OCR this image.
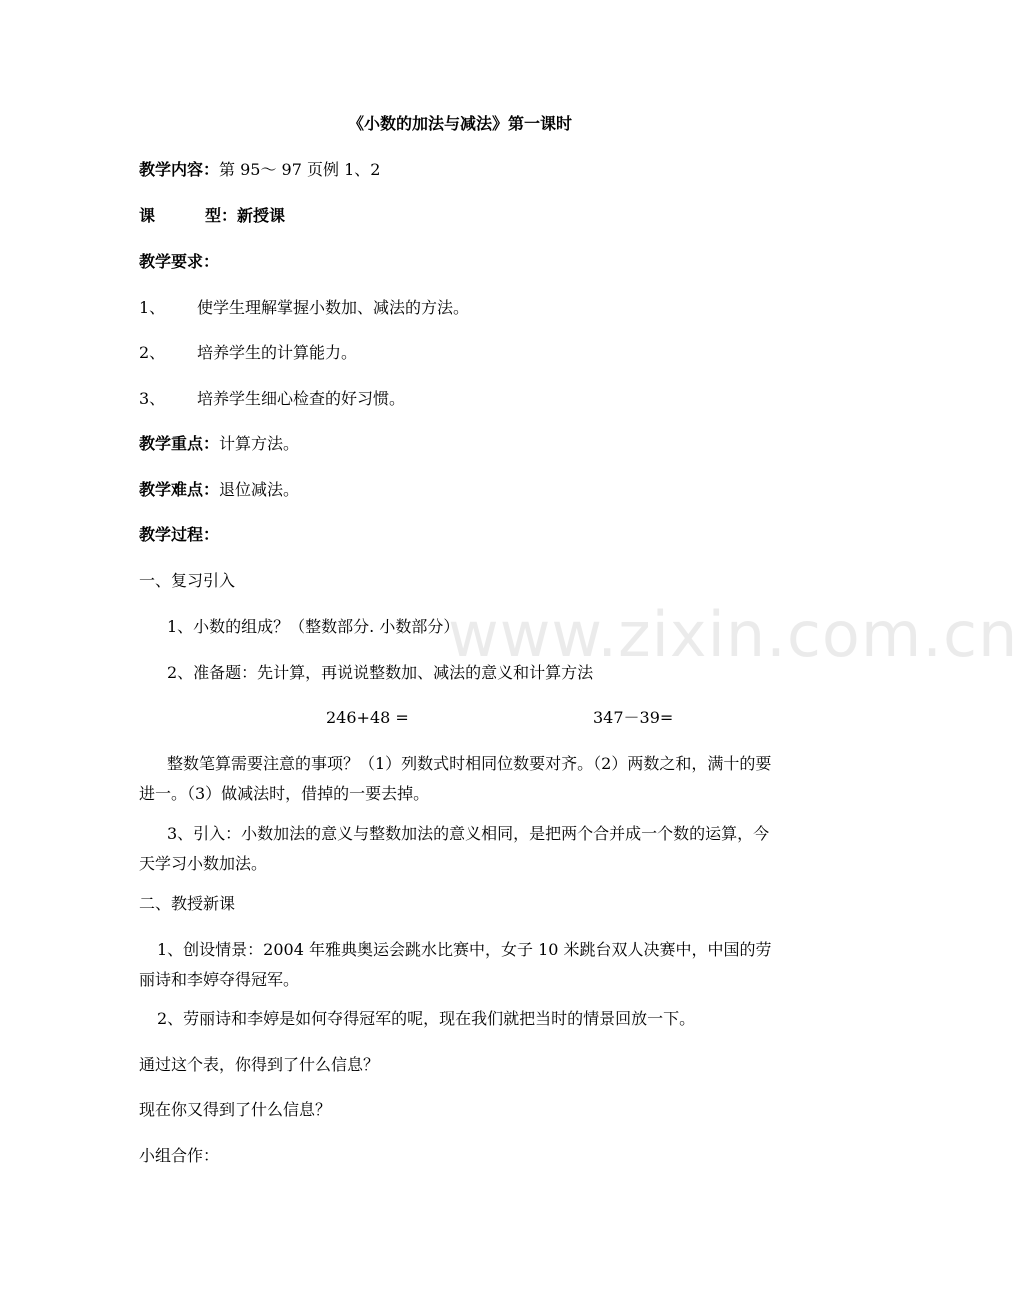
《小数的加法与减法》第一课时
教学内容：第 95～ 97 页例 1、2
课	型：新授课
教学要求：
1、 使学生理解掌握小数加、减法的方法。
2、 培养学生的计算能力。
3、 培养学生细心检查的好习惯。
教学重点：计算方法。
教学难点：退位减法。
教学过程：
一、复习引入
1、小数的组成？（整数部分. 小数部分）
2、准备题：先计算，再说说整数加、减法的意义和计算方法
246+48 =	347－39=
整数笔算需要注意的事项？（1）列数式时相同位数要对齐。（2）两数之和，满十的要进一。（3）做减法时，借掉的一要去掉。
3、引入：小数加法的意义与整数加法的意义相同，是把两个合并成一个数的运算，今天学习小数加法。
二、教授新课
1、创设情景：2004 年雅典奥运会跳水比赛中，女子 10 米跳台双人决赛中，中国的劳丽诗和李婷夺得冠军。
2、劳丽诗和李婷是如何夺得冠军的呢，现在我们就把当时的情景回放一下。
通过这个表，你得到了什么信息？
现在你又得到了什么信息？
小组合作：
www.zixin.com.cn
